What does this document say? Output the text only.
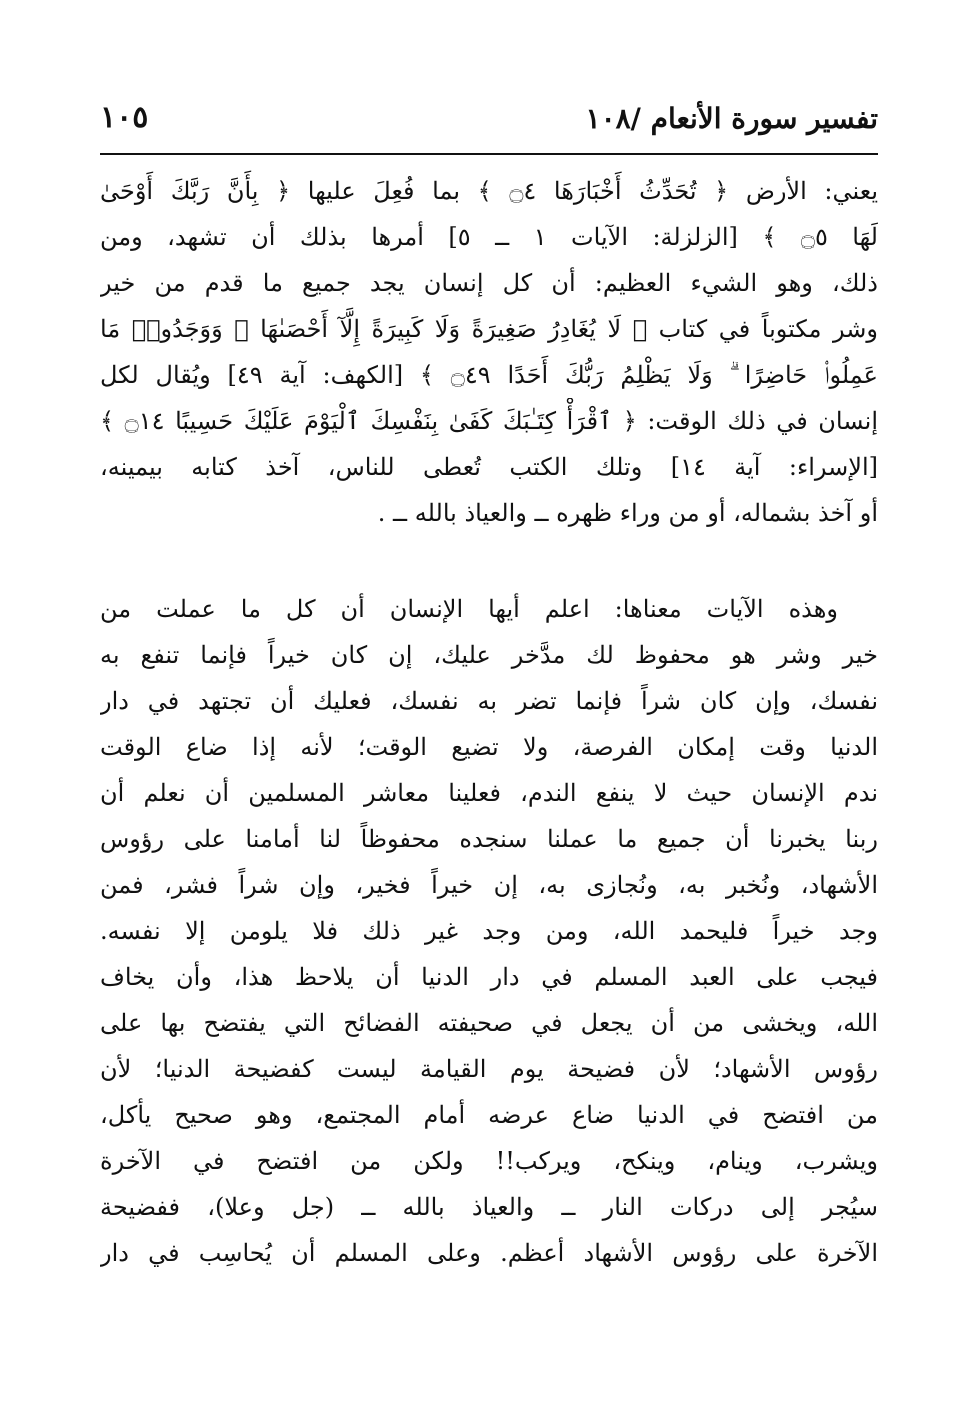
تفسير سورة الأنعام /١٠٨
١٠٥
يعني: الأرض ﴿ تُحَدِّثُ أَخْبَارَهَا ۝٤ ﴾ بما فُعِلَ عليها ﴿ بِأَنَّ رَبَّكَ أَوْحَىٰ
لَهَا ۝٥ ﴾ [الزلزلة: الآيات ١ ــ ٥] أمرها بذلك أن تشهد، ومن
ذلك، وهو الشيء العظيم: أن كل إنسان يجد جميع ما قدم من خير
وشر مكتوباً في كتاب ﴿ لَا يُغَادِرُ صَغِيرَةً وَلَا كَبِيرَةً إِلَّآ أَحْصَىٰهَا ۚ وَوَجَدُوا۟ مَا
عَمِلُوا۟ حَاضِرًا ۗ وَلَا يَظْلِمُ رَبُّكَ أَحَدًا ۝٤٩ ﴾ [الكهف: آية ٤٩] ويُقال لكل
إنسان في ذلك الوقت: ﴿ ٱقْرَأْ كِتَـٰبَكَ كَفَىٰ بِنَفْسِكَ ٱلْيَوْمَ عَلَيْكَ حَسِيبًا ۝١٤ ﴾
[الإسراء: آية ١٤] وتلك الكتب تُعطى للناس، آخذ كتابه بيمينه،
أو آخذ بشماله، أو من وراء ظهره ــ والعياذ بالله ــ .
وهذه الآيات معناها: اعلم أيها الإنسان أن كل ما عملت من
خير وشر هو محفوظ لك مدَّخر عليك، إن كان خيراً فإنما تنفع به
نفسك، وإن كان شراً فإنما تضر به نفسك، فعليك أن تجتهد في دار
الدنيا وقت إمكان الفرصة، ولا تضيع الوقت؛ لأنه إذا ضاع الوقت
ندم الإنسان حيث لا ينفع الندم، فعلينا معاشر المسلمين أن نعلم أن
ربنا يخبرنا أن جميع ما عملنا سنجده محفوظاً لنا أمامنا على رؤوس
الأشهاد، ونُخبر به، ونُجازى به، إن خيراً فخير، وإن شراً فشر، فمن
وجد خيراً فليحمد الله، ومن وجد غير ذلك فلا يلومن إلا نفسه.
فيجب على العبد المسلم في دار الدنيا أن يلاحظ هذا، وأن يخاف
الله، ويخشى من أن يجعل في صحيفته الفضائح التي يفتضح بها على
رؤوس الأشهاد؛ لأن فضيحة يوم القيامة ليست كفضيحة الدنيا؛ لأن
من افتضح في الدنيا ضاع عرضه أمام المجتمع، وهو صحيح يأكل،
ويشرب، وينام، وينكح، ويركب!! ولكن من افتضح في الآخرة
سيُجر إلى دركات النار ــ والعياذ بالله ــ (جل وعلا)، ففضيحة
الآخرة على رؤوس الأشهاد أعظم. وعلى المسلم أن يُحاسِب في دار
